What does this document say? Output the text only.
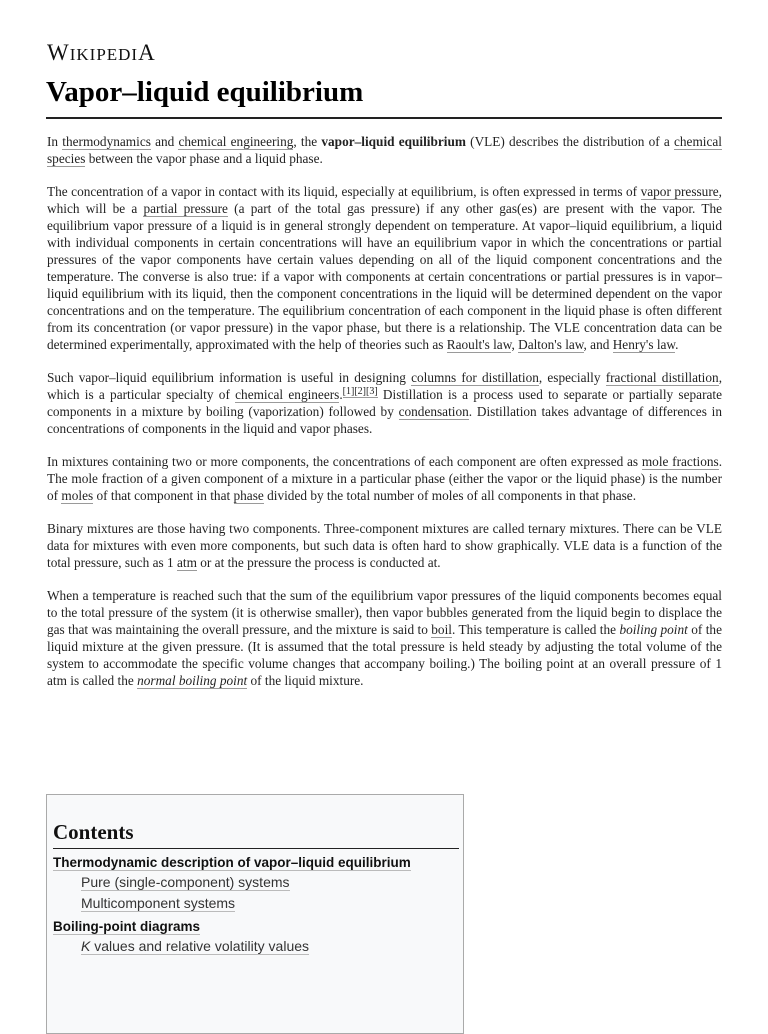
WIKIPEDIA
Vapor–liquid equilibrium

In thermodynamics and chemical engineering, the vapor–liquid equilibrium (VLE) describes the distribution of a chemical species between the vapor phase and a liquid phase.

The concentration of a vapor in contact with its liquid, especially at equilibrium, is often expressed in terms of vapor pressure, which will be a partial pressure (a part of the total gas pressure) if any other gas(es) are present with the vapor. The equilibrium vapor pressure of a liquid is in general strongly dependent on temperature. At vapor–liquid equilibrium, a liquid with individual components in certain concentrations will have an equilibrium vapor in which the concentrations or partial pressures of the vapor components have certain values depending on all of the liquid component concentrations and the temperature. The converse is also true: if a vapor with components at certain concentrations or partial pressures is in vapor–liquid equilibrium with its liquid, then the component concentrations in the liquid will be determined dependent on the vapor concentrations and on the temperature. The equilibrium concentration of each component in the liquid phase is often different from its concentration (or vapor pressure) in the vapor phase, but there is a relationship. The VLE concentration data can be determined experimentally, approximated with the help of theories such as Raoult's law, Dalton's law, and Henry's law.

Such vapor–liquid equilibrium information is useful in designing columns for distillation, especially fractional distillation, which is a particular specialty of chemical engineers.[1][2][3] Distillation is a process used to separate or partially separate components in a mixture by boiling (vaporization) followed by condensation. Distillation takes advantage of differences in concentrations of components in the liquid and vapor phases.

In mixtures containing two or more components, the concentrations of each component are often expressed as mole fractions. The mole fraction of a given component of a mixture in a particular phase (either the vapor or the liquid phase) is the number of moles of that component in that phase divided by the total number of moles of all components in that phase.

Binary mixtures are those having two components. Three-component mixtures are called ternary mixtures. There can be VLE data for mixtures with even more components, but such data is often hard to show graphically. VLE data is a function of the total pressure, such as 1 atm or at the pressure the process is conducted at.

When a temperature is reached such that the sum of the equilibrium vapor pressures of the liquid components becomes equal to the total pressure of the system (it is otherwise smaller), then vapor bubbles generated from the liquid begin to displace the gas that was maintaining the overall pressure, and the mixture is said to boil. This temperature is called the boiling point of the liquid mixture at the given pressure. (It is assumed that the total pressure is held steady by adjusting the total volume of the system to accommodate the specific volume changes that accompany boiling.) The boiling point at an overall pressure of 1 atm is called the normal boiling point of the liquid mixture.

Contents
Thermodynamic description of vapor–liquid equilibrium
Pure (single-component) systems
Multicomponent systems
Boiling-point diagrams
K values and relative volatility values
